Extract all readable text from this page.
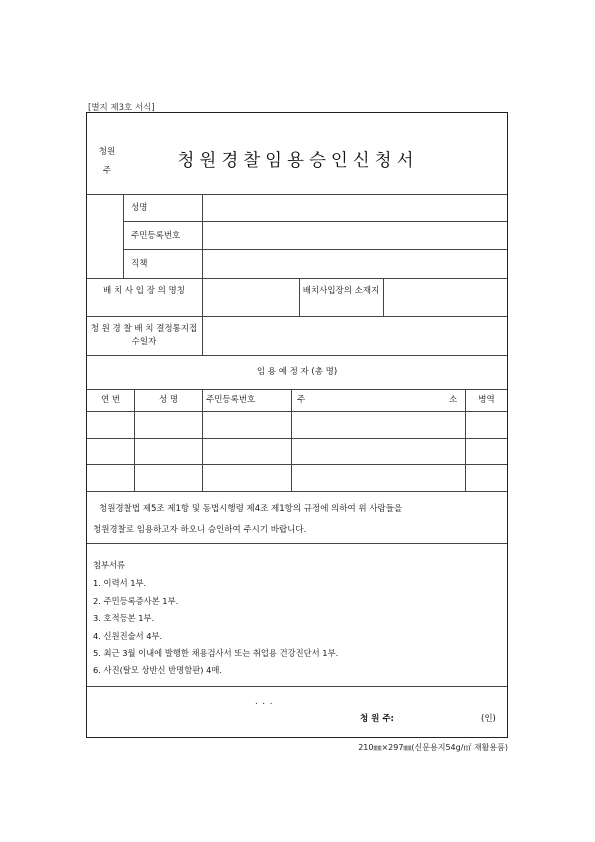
[별지 제3호 서식]
청원경찰임용승인신청서
청원주
성명
주민등록번호
직책
배 치 사 입 장 의 명칭	배치사입장의 소재지
청 원 경 찰 배 치 결정통지접수일자
임 용 예 정 자 (총 명)
연 번	성 명	주민등록번호	주	소	병역
청원경찰법 제5조 제1항 및 동법시행령 제4조 제1항의 규정에 의하여 위 사람들을
청원경찰로 임용하고자 하오니 승인하여 주시기 바랍니다.
첨부서류
1. 이력서 1부.
2. 주민등록증사본 1부.
3. 호적등본 1부.
4. 신원진술서 4부.
5. 최근 3월 이내에 발행한 채용검사서 또는 취업용 건강진단서 1부.
6. 사진(탈모 상반신 반명함판) 4매.
. . .
청 원 주:	(인)
210㎜×297㎜(신문용지54g/㎡ 재활용품)
